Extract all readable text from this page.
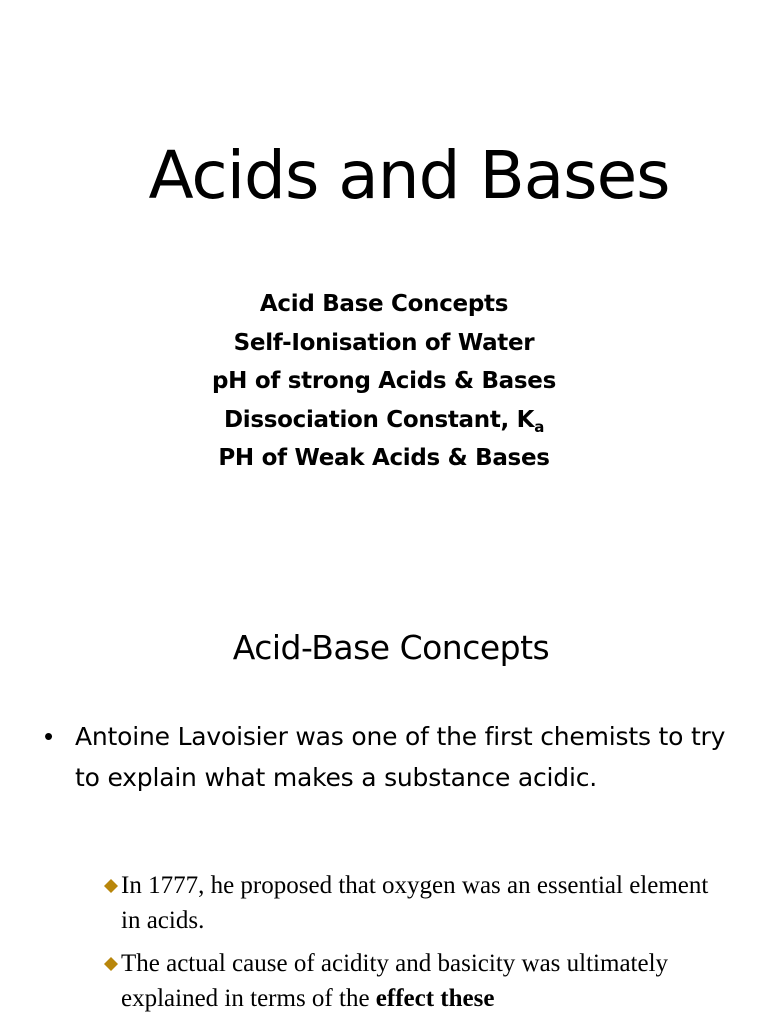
Acids and Bases
Acid Base Concepts
Self-Ionisation of Water
pH of strong Acids & Bases
Dissociation Constant, $K_a$
PH of Weak Acids & Bases
Acid-Base Concepts
• Antoine Lavoisier was one of the first chemists to try to explain what makes a substance acidic.
In 1777, he proposed that oxygen was an essential element in acids.
The actual cause of acidity and basicity was ultimately explained in terms of the effect these
